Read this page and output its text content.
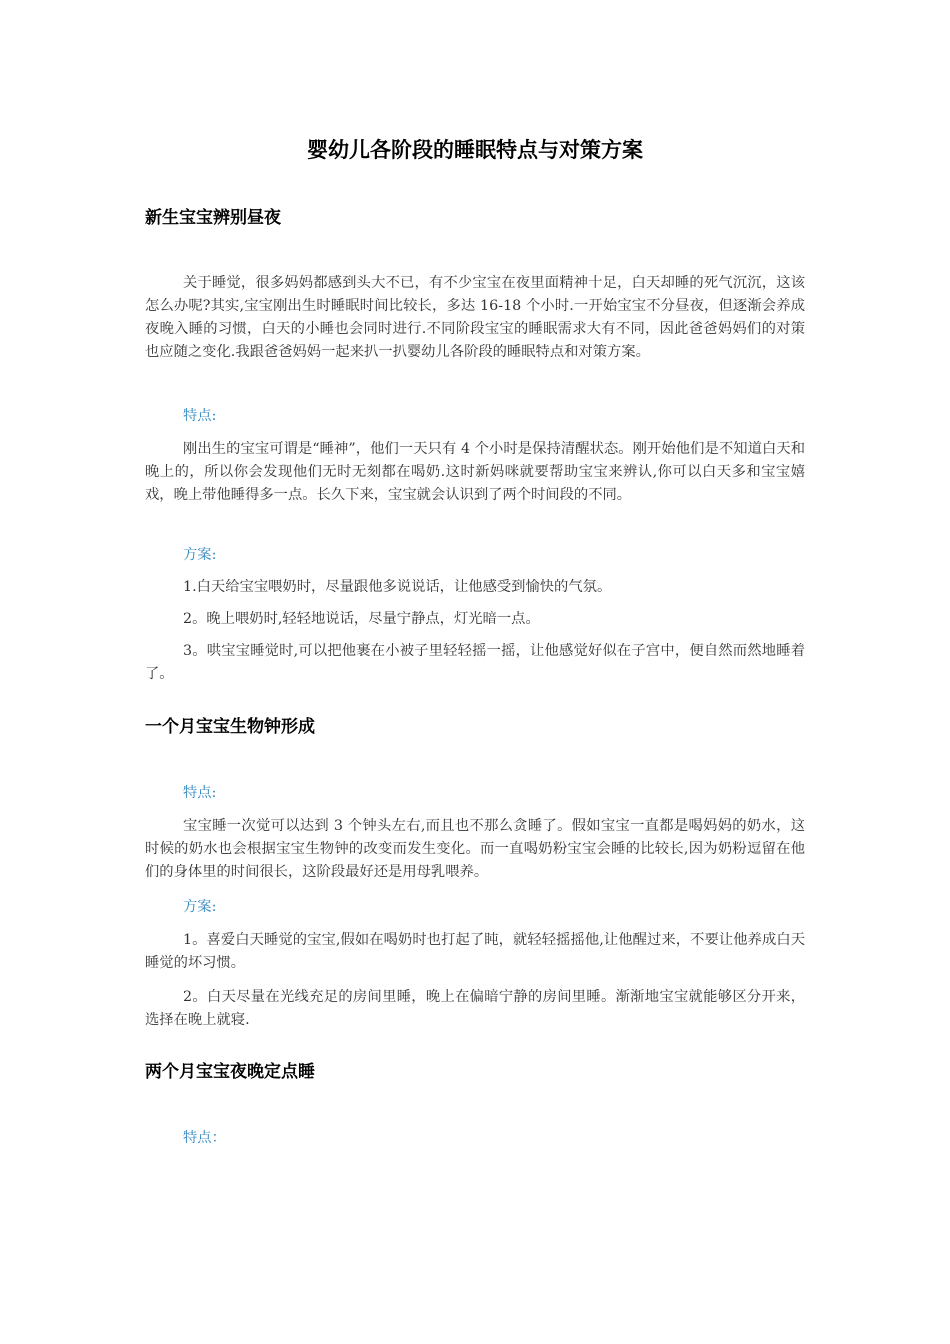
婴幼儿各阶段的睡眠特点与对策方案
新生宝宝辨别昼夜

关于睡觉，很多妈妈都感到头大不已，有不少宝宝在夜里面精神十足，白天却睡的死气沉沉，这该怎么办呢?其实,宝宝刚出生时睡眠时间比较长，多达 16-18 个小时.一开始宝宝不分昼夜，但逐渐会养成夜晚入睡的习惯，白天的小睡也会同时进行.不同阶段宝宝的睡眠需求大有不同，因此爸爸妈妈们的对策也应随之变化.我跟爸爸妈妈一起来扒一扒婴幼儿各阶段的睡眠特点和对策方案。

特点:

刚出生的宝宝可谓是“睡神”，他们一天只有 4 个小时是保持清醒状态。刚开始他们是不知道白天和晚上的，所以你会发现他们无时无刻都在喝奶.这时新妈咪就要帮助宝宝来辨认,你可以白天多和宝宝嬉戏，晚上带他睡得多一点。长久下来，宝宝就会认识到了两个时间段的不同。

方案:

1.白天给宝宝喂奶时，尽量跟他多说说话，让他感受到愉快的气氛。

2。晚上喂奶时,轻轻地说话，尽量宁静点，灯光暗一点。

3。哄宝宝睡觉时,可以把他裹在小被子里轻轻摇一摇，让他感觉好似在子宫中，便自然而然地睡着了。

一个月宝宝生物钟形成

特点:

宝宝睡一次觉可以达到 3 个钟头左右,而且也不那么贪睡了。假如宝宝一直都是喝妈妈的奶水，这时候的奶水也会根据宝宝生物钟的改变而发生变化。而一直喝奶粉宝宝会睡的比较长,因为奶粉逗留在他们的身体里的时间很长，这阶段最好还是用母乳喂养。

方案:

1。喜爱白天睡觉的宝宝,假如在喝奶时也打起了盹，就轻轻摇摇他,让他醒过来，不要让他养成白天睡觉的坏习惯。

2。白天尽量在光线充足的房间里睡，晚上在偏暗宁静的房间里睡。渐渐地宝宝就能够区分开来，选择在晚上就寝.

两个月宝宝夜晚定点睡

特点：
